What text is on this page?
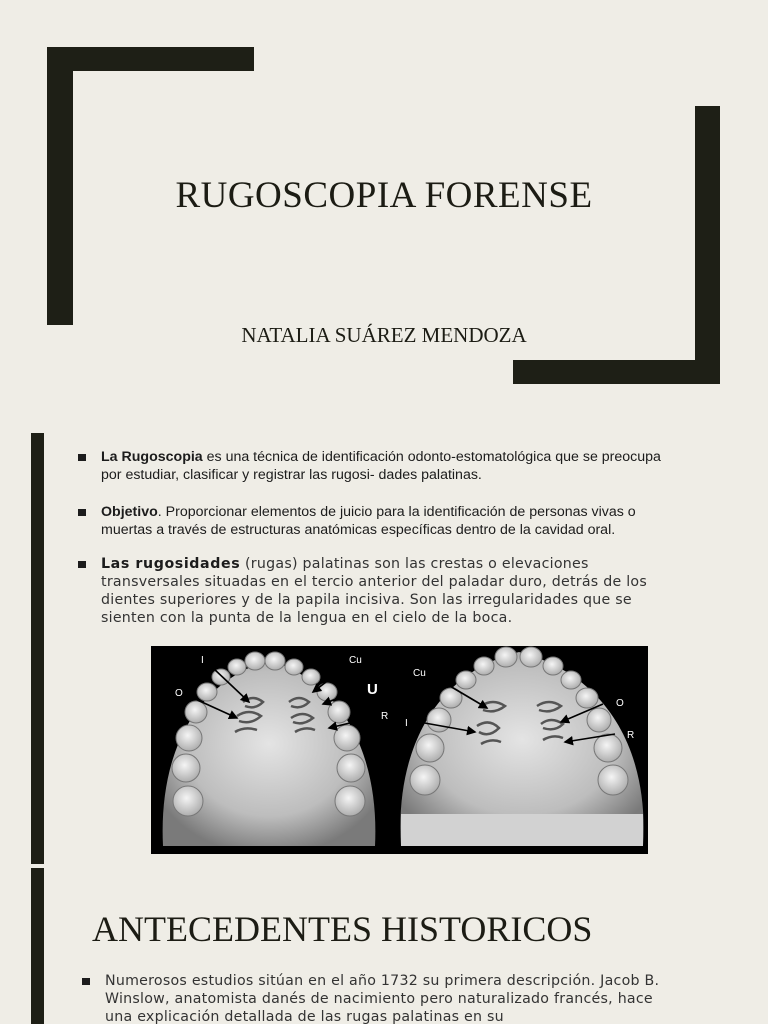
RUGOSCOPIA FORENSE
NATALIA SUÁREZ MENDOZA
La Rugoscopia es una técnica de identificación odonto-estomatológica que se preocupa por estudiar, clasificar y registrar las rugosi- dades palatinas.
Objetivo. Proporcionar elementos de juicio para la identificación de personas vivas o muertas a través de estructuras anatómicas específicas dentro de la cavidad oral.
Las rugosidades (rugas) palatinas son las crestas o elevaciones transversales situadas en el tercio anterior del paladar duro, detrás de los dientes superiores y de la papila incisiva. Son las irregularidades que se sienten con la punta de la lengua en el cielo de la boca.
I
O
Cu
U
R
Cu
I
O
R
ANTECEDENTES HISTORICOS
Numerosos estudios sitúan en el año 1732 su primera descripción. Jacob B. Winslow, anatomista danés de nacimiento pero naturalizado francés, hace una explicación detallada de las rugas palatinas en su
